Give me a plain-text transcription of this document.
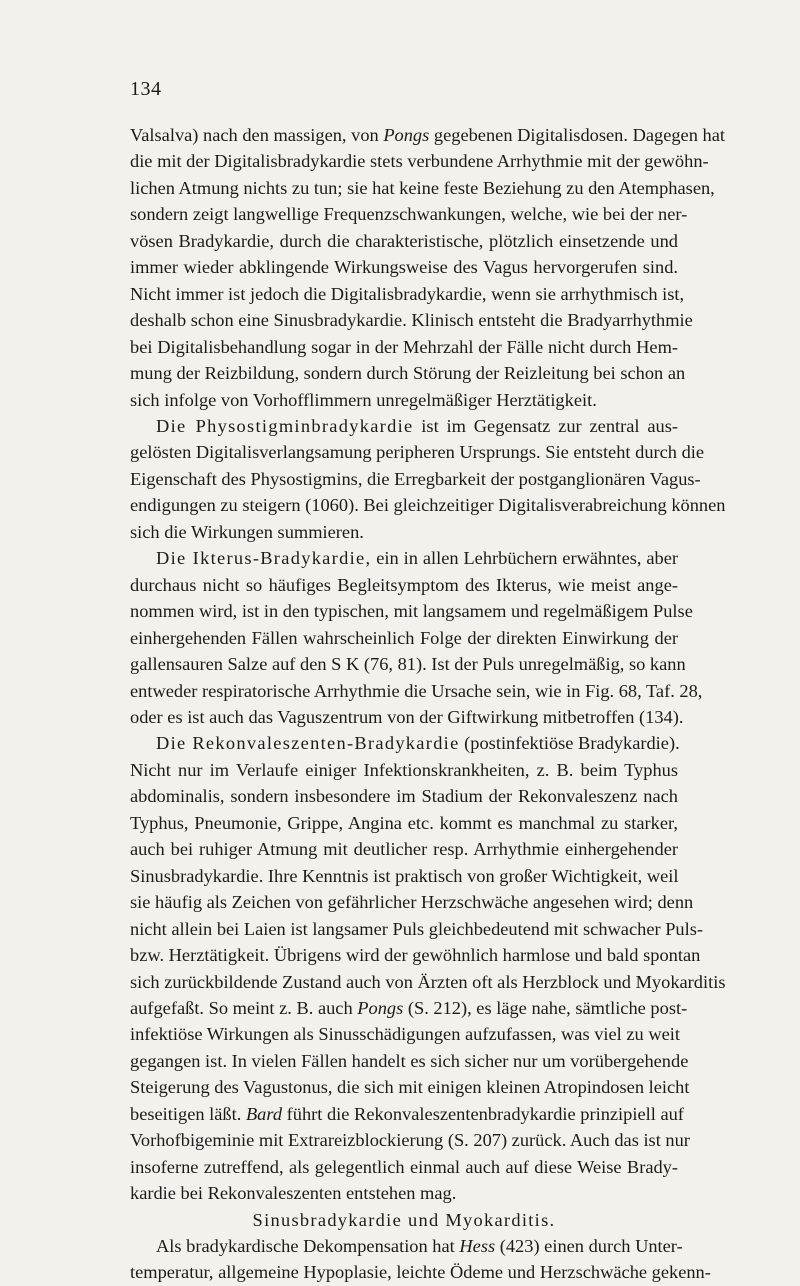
134
Valsalva) nach den massigen, von Pongs gegebenen Digitalisdosen. Dagegen hat
die mit der Digitalisbradykardie stets verbundene Arrhythmie mit der gewöhn-
lichen Atmung nichts zu tun; sie hat keine feste Beziehung zu den Atemphasen,
sondern zeigt langwellige Frequenzschwankungen, welche, wie bei der ner-
vösen Bradykardie, durch die charakteristische, plötzlich einsetzende und
immer wieder abklingende Wirkungsweise des Vagus hervorgerufen sind.
Nicht immer ist jedoch die Digitalisbradykardie, wenn sie arrhythmisch ist,
deshalb schon eine Sinusbradykardie. Klinisch entsteht die Bradyarrhythmie
bei Digitalisbehandlung sogar in der Mehrzahl der Fälle nicht durch Hem-
mung der Reizbildung, sondern durch Störung der Reizleitung bei schon an
sich infolge von Vorhofflimmern unregelmäßiger Herztätigkeit.
Die Physostigminbradykardie ist im Gegensatz zur zentral aus-
gelösten Digitalisverlangsamung peripheren Ursprungs. Sie entsteht durch die
Eigenschaft des Physostigmins, die Erregbarkeit der postganglionären Vagus-
endigungen zu steigern (1060). Bei gleichzeitiger Digitalisverabreichung können
sich die Wirkungen summieren.
Die Ikterus-Bradykardie, ein in allen Lehrbüchern erwähntes, aber
durchaus nicht so häufiges Begleitsymptom des Ikterus, wie meist ange-
nommen wird, ist in den typischen, mit langsamem und regelmäßigem Pulse
einhergehenden Fällen wahrscheinlich Folge der direkten Einwirkung der
gallensauren Salze auf den S K (76, 81). Ist der Puls unregelmäßig, so kann
entweder respiratorische Arrhythmie die Ursache sein, wie in Fig. 68, Taf. 28,
oder es ist auch das Vaguszentrum von der Giftwirkung mitbetroffen (134).
Die Rekonvaleszenten-Bradykardie (postinfektiöse Bradykardie).
Nicht nur im Verlaufe einiger Infektionskrankheiten, z. B. beim Typhus
abdominalis, sondern insbesondere im Stadium der Rekonvaleszenz nach
Typhus, Pneumonie, Grippe, Angina etc. kommt es manchmal zu starker,
auch bei ruhiger Atmung mit deutlicher resp. Arrhythmie einhergehender
Sinusbradykardie. Ihre Kenntnis ist praktisch von großer Wichtigkeit, weil
sie häufig als Zeichen von gefährlicher Herzschwäche angesehen wird; denn
nicht allein bei Laien ist langsamer Puls gleichbedeutend mit schwacher Puls-
bzw. Herztätigkeit. Übrigens wird der gewöhnlich harmlose und bald spontan
sich zurückbildende Zustand auch von Ärzten oft als Herzblock und Myokarditis
aufgefaßt. So meint z. B. auch Pongs (S. 212), es läge nahe, sämtliche post-
infektiöse Wirkungen als Sinusschädigungen aufzufassen, was viel zu weit
gegangen ist. In vielen Fällen handelt es sich sicher nur um vorübergehende
Steigerung des Vagustonus, die sich mit einigen kleinen Atropindosen leicht
beseitigen läßt. Bard führt die Rekonvaleszentenbradykardie prinzipiell auf
Vorhofbigeminie mit Extrareizblockierung (S. 207) zurück. Auch das ist nur
insoferne zutreffend, als gelegentlich einmal auch auf diese Weise Brady-
kardie bei Rekonvaleszenten entstehen mag.
Sinusbradykardie und Myokarditis.
Als bradykardische Dekompensation hat Hess (423) einen durch Unter-
temperatur, allgemeine Hypoplasie, leichte Ödeme und Herzschwäche gekenn-
